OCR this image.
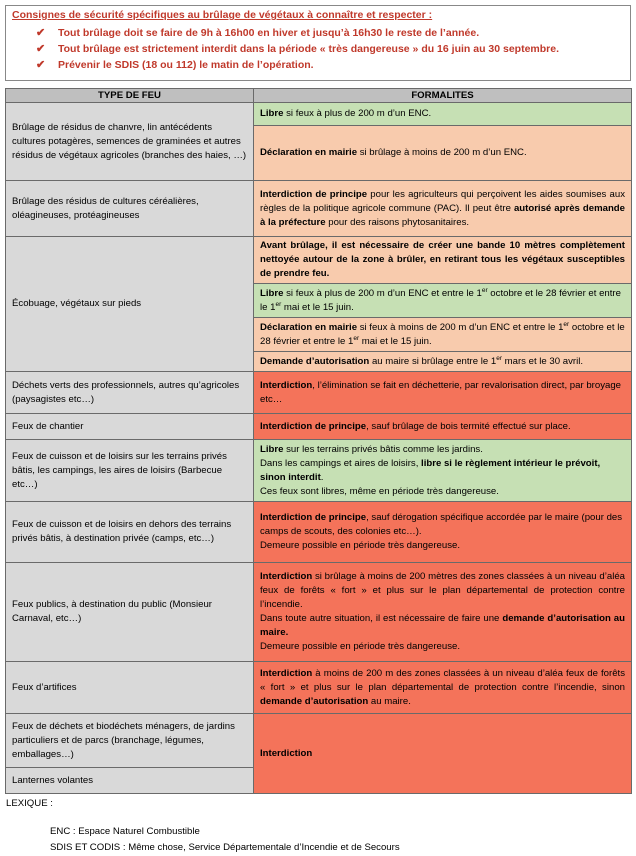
Consignes de sécurité spécifiques au brûlage de végétaux à connaître et respecter :
✔ Tout brûlage doit se faire de 9h à 16h00 en hiver et jusqu’à 16h30 le reste de l’année.
✔ Tout brûlage est strictement interdit dans la période « très dangereuse » du 16 juin au 30 septembre.
✔ Prévenir le SDIS (18 ou 112) le matin de l’opération.
TYPE DE FEU	FORMALITES
Brûlage de résidus de chanvre, lin antécédents cultures potagères, semences de graminées et autres résidus de végétaux agricoles (branches des haies, …)	Libre si feux à plus de 200 m d’un ENC.
	Déclaration en mairie si brûlage à moins de 200 m d’un ENC.
Brûlage des résidus de cultures céréalières, oléagineuses, protéagineuses	Interdiction de principe pour les agriculteurs qui perçoivent les aides soumises aux règles de la politique agricole commune (PAC). Il peut être autorisé après demande à la préfecture pour des raisons phytosanitaires.
Écobuage, végétaux sur pieds	Avant brûlage, il est nécessaire de créer une bande 10 mètres complètement nettoyée autour de la zone à brûler, en retirant tous les végétaux susceptibles de prendre feu.
	Libre si feux à plus de 200 m d’un ENC et entre le 1er octobre et le 28 février et entre le 1er mai et le 15 juin.
	Déclaration en mairie si feux à moins de 200 m d’un ENC et entre le 1er octobre et le 28 février et entre le 1er mai et le 15 juin.
	Demande d’autorisation au maire si brûlage entre le 1er mars et le 30 avril.
Déchets verts des professionnels, autres qu’agricoles (paysagistes etc…)	Interdiction, l’élimination se fait en déchetterie, par revalorisation direct, par broyage etc…
Feux de chantier	Interdiction de principe, sauf brûlage de bois termité effectué sur place.
Feux de cuisson et de loisirs sur les terrains privés bâtis, les campings, les aires de loisirs (Barbecue etc…)	Libre sur les terrains privés bâtis comme les jardins.
Dans les campings et aires de loisirs, libre si le règlement intérieur le prévoit, sinon interdit.
Ces feux sont libres, même en période très dangereuse.
Feux de cuisson et de loisirs en dehors des terrains privés bâtis, à destination privée (camps, etc…)	Interdiction de principe, sauf dérogation spécifique accordée par le maire (pour des camps de scouts, des colonies etc…).
Demeure possible en période très dangereuse.
Feux publics, à destination du public (Monsieur Carnaval, etc…)	Interdiction si brûlage à moins de 200 mètres des zones classées à un niveau d’aléa feux de forêts « fort » et plus sur le plan départemental de protection contre l’incendie.
Dans toute autre situation, il est nécessaire de faire une demande d’autorisation au maire.
Demeure possible en période très dangereuse.
Feux d’artifices	Interdiction à moins de 200 m des zones classées à un niveau d’aléa feux de forêts « fort » et plus sur le plan départemental de protection contre l’incendie, sinon demande d’autorisation au maire.
Feux de déchets et biodéchets ménagers, de jardins particuliers et de parcs (branchage, légumes, emballages…)	Interdiction
Lanternes volantes	
LEXIQUE :
ENC : Espace Naturel Combustible
SDIS ET CODIS : Même chose, Service Départementale d’Incendie et de Secours
